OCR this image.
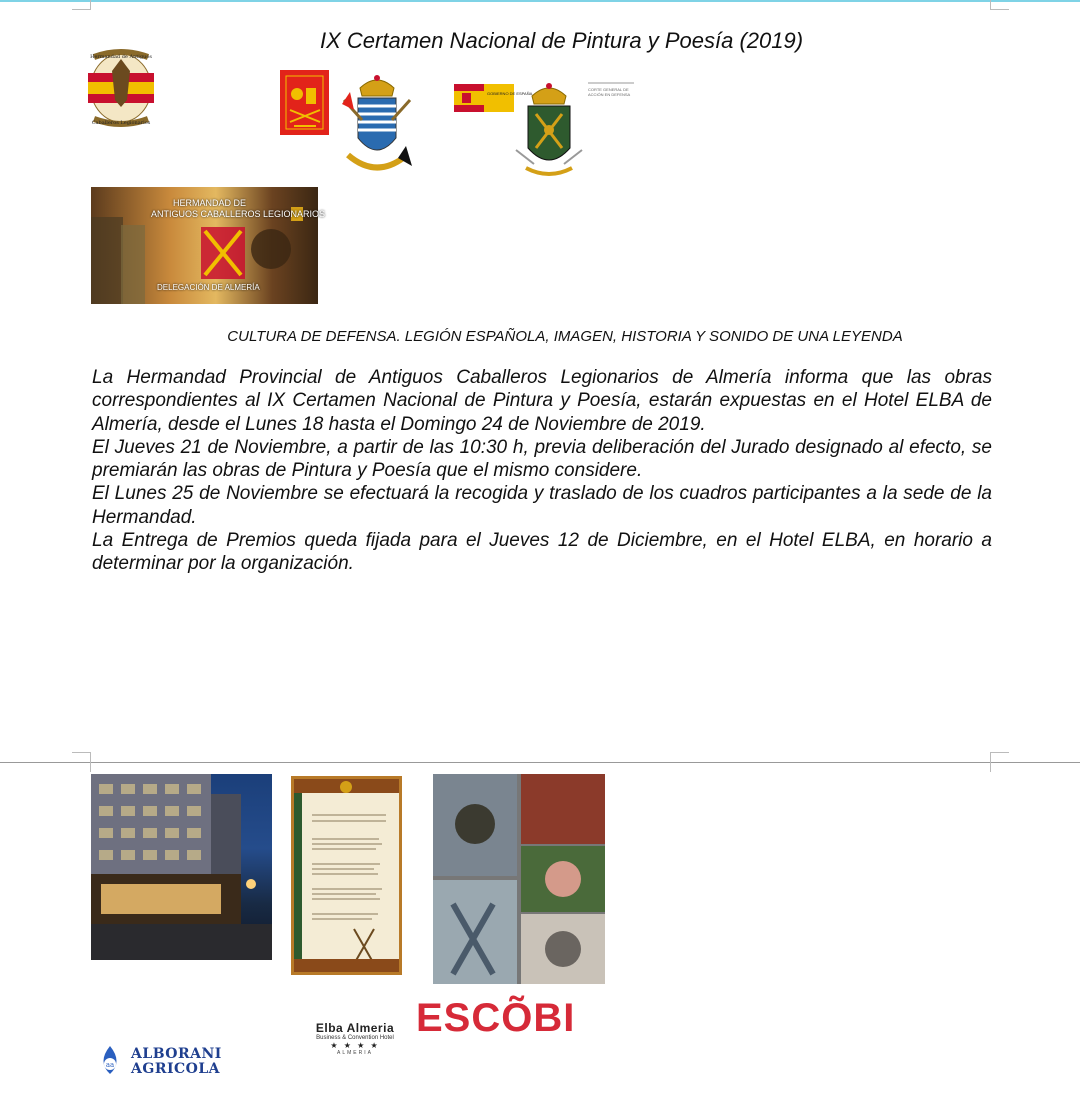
IX Certamen Nacional de Pintura y Poesía (2019)
Hermandad de Antiguos
Caballeros Legionarios
GOBIERNO DE ESPAÑA
CORTE GENERAL DE ACCIÓN EN DEFENSA
HERMANDAD DE
ANTIGUOS CABALLEROS LEGIONARIOS
DELEGACIÓN DE ALMERÍA
CULTURA DE DEFENSA. LEGIÓN ESPAÑOLA, IMAGEN, HISTORIA Y SONIDO DE UNA LEYENDA

La Hermandad Provincial de Antiguos Caballeros Legionarios de Almería informa que las obras correspondientes al IX Certamen Nacional de Pintura y Poesía, estarán expuestas en el Hotel ELBA de Almería, desde el Lunes 18 hasta el Domingo 24 de Noviembre de 2019.

El Jueves 21 de Noviembre, a partir de las 10:30 h, previa deliberación del Jurado designado al efecto, se premiarán las obras de Pintura y Poesía que el mismo considere.

El Lunes 25 de Noviembre se efectuará la recogida y traslado de los cuadros participantes a la sede de la Hermandad.

La Entrega de Premios queda fijada para el Jueves 12 de Diciembre, en el Hotel ELBA, en horario a determinar por la organización.

ESCÕBI
Elba Almeria
Business & Convention Hotel
★ ★ ★ ★
ALMERIA
aa
ALBORANI
AGRICOLA
